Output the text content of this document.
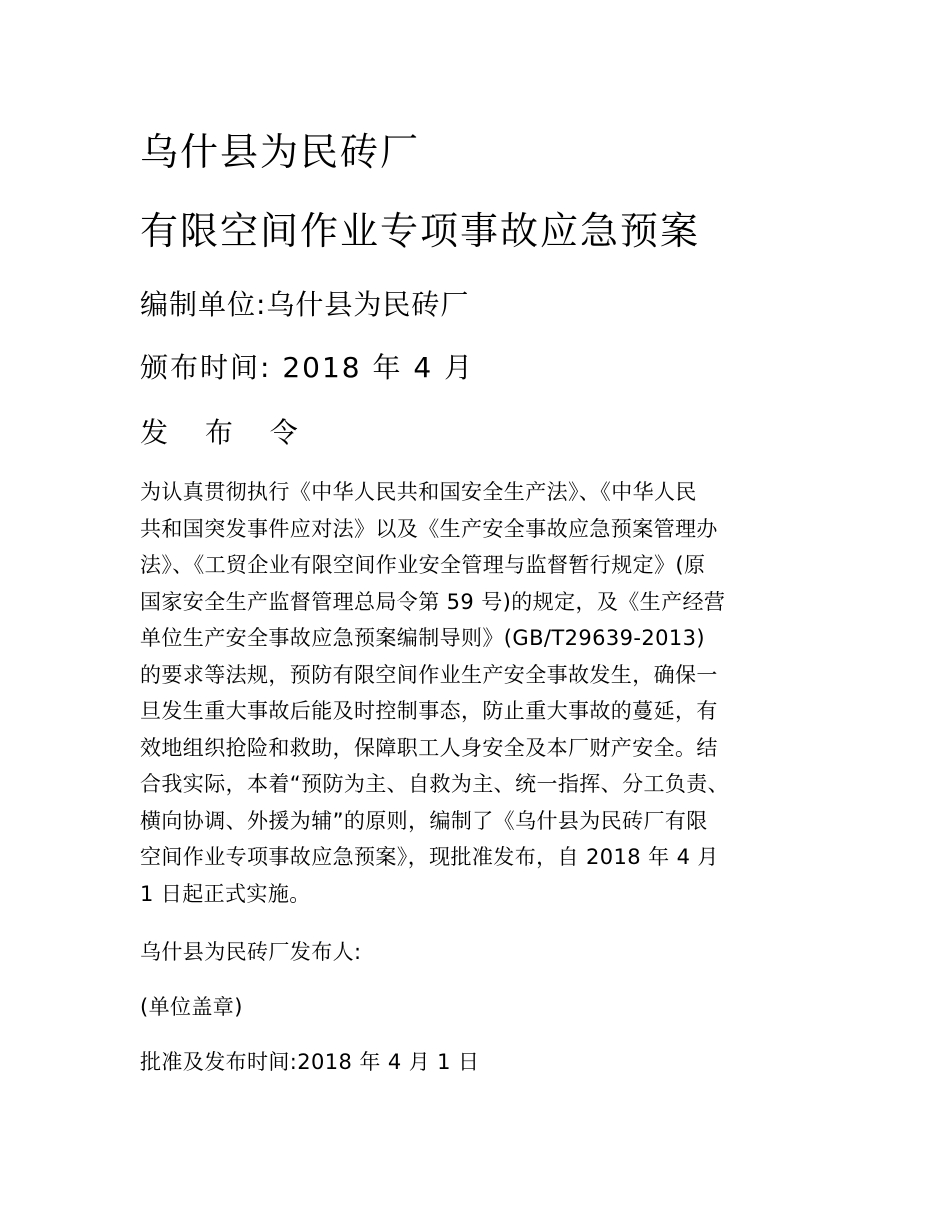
乌什县为民砖厂
有限空间作业专项事故应急预案
编制单位:乌什县为民砖厂
颁布时间: 2018 年 4 月
发 布 令
为认真贯彻执行《中华人民共和国安全生产法》、《中华人民
共和国突发事件应对法》以及《生产安全事故应急预案管理办
法》、《工贸企业有限空间作业安全管理与监督暂行规定》(原
国家安全生产监督管理总局令第 59 号)的规定，及《生产经营
单位生产安全事故应急预案编制导则》(GB/T29639-2013)
的要求等法规，预防有限空间作业生产安全事故发生，确保一
旦发生重大事故后能及时控制事态，防止重大事故的蔓延，有
效地组织抢险和救助，保障职工人身安全及本厂财产安全。结
合我实际，本着“预防为主、自救为主、统一指挥、分工负责、
横向协调、外援为辅”的原则，编制了《乌什县为民砖厂有限
空间作业专项事故应急预案》，现批准发布，自 2018 年 4 月
1 日起正式实施。
乌什县为民砖厂发布人:
(单位盖章)
批准及发布时间:2018 年 4 月 1 日
